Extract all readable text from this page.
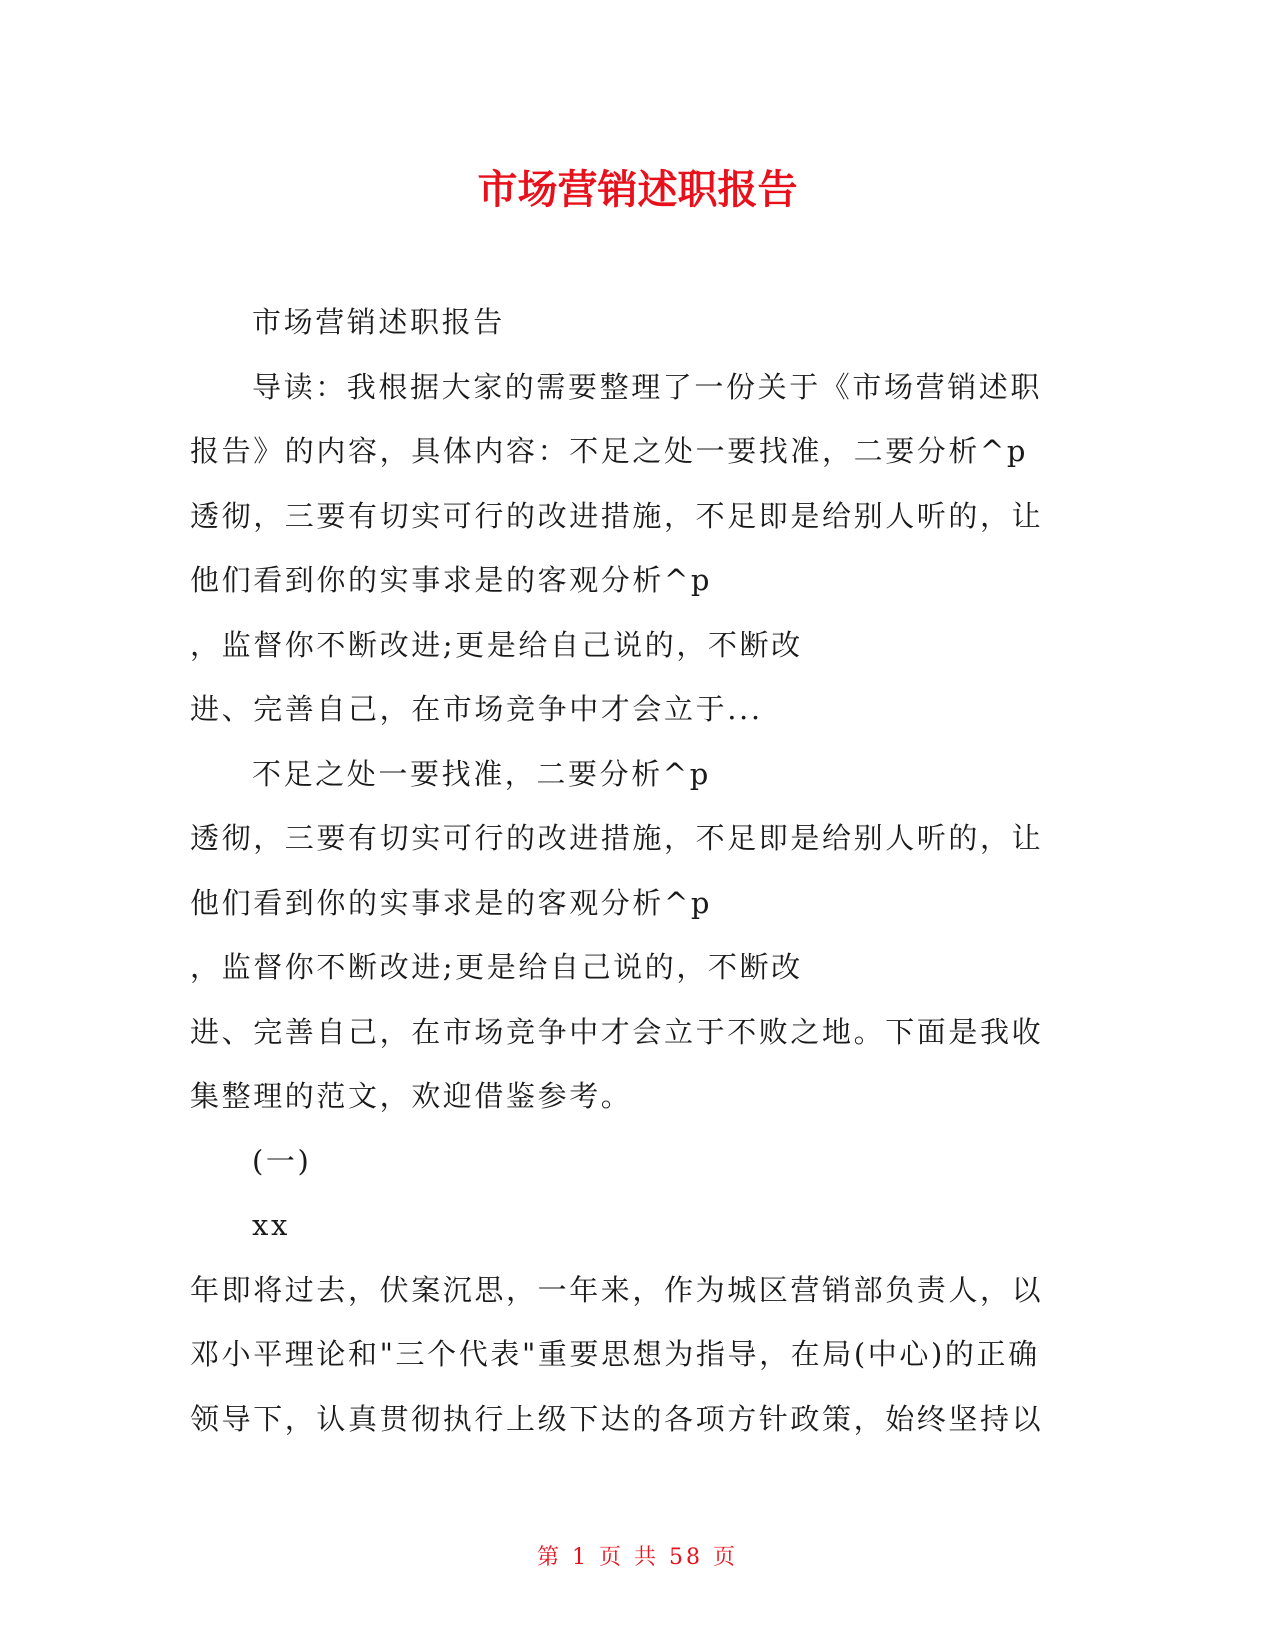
市场营销述职报告
市场营销述职报告
导读：我根据大家的需要整理了一份关于《市场营销述职
报告》的内容，具体内容：不足之处一要找准，二要分析^p
透彻，三要有切实可行的改进措施，不足即是给别人听的，让
他们看到你的实事求是的客观分析^p
，监督你不断改进;更是给自己说的，不断改
进、完善自己，在市场竞争中才会立于...
不足之处一要找准，二要分析^p
透彻，三要有切实可行的改进措施，不足即是给别人听的，让
他们看到你的实事求是的客观分析^p
，监督你不断改进;更是给自己说的，不断改
进、完善自己，在市场竞争中才会立于不败之地。下面是我收
集整理的范文，欢迎借鉴参考。
(一)
xx
年即将过去，伏案沉思，一年来，作为城区营销部负责人，以
邓小平理论和"三个代表"重要思想为指导，在局(中心)的正确
领导下，认真贯彻执行上级下达的各项方针政策，始终坚持以
第 1 页 共 58 页
